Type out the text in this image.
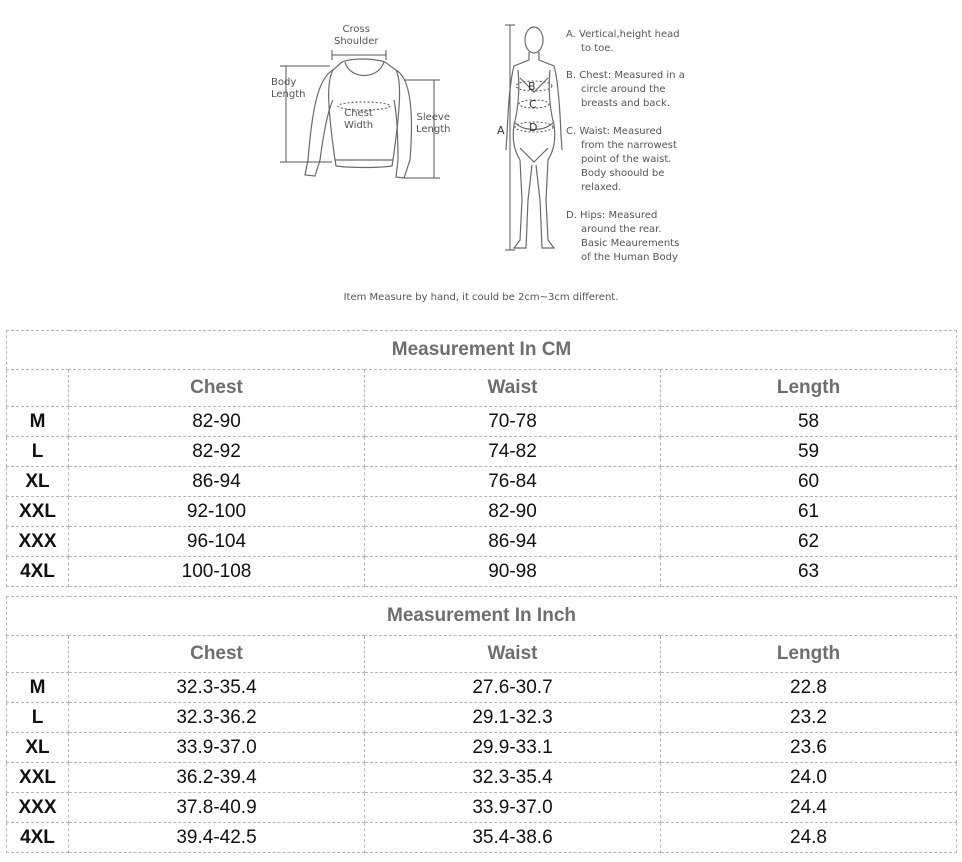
Cross
Shoulder
Body
Length
Chest
Width
Sleeve
Length	A
B
C
D
A. Vertical,height head
to toe.
B. Chest: Measured in a
circle around the
breasts and back.
C. Waist: Measured
from the narrowest
point of the waist.
Body shoould be
relaxed.
D. Hips: Measured
around the rear.
Basic Meaurements
of the Human Body
Item Measure by hand, it could be 2cm~3cm different.
Measurement In CM			
	Chest	Waist	Length
M	82-90	70-78	58
L	82-92	74-82	59
XL	86-94	76-84	60
XXL	92-100	82-90	61
XXX	96-104	86-94	62
4XL	100-108	90-98	63
Measurement In Inch			
	Chest	Waist	Length
M	32.3-35.4	27.6-30.7	22.8
L	32.3-36.2	29.1-32.3	23.2
XL	33.9-37.0	29.9-33.1	23.6
XXL	36.2-39.4	32.3-35.4	24.0
XXX	37.8-40.9	33.9-37.0	24.4
4XL	39.4-42.5	35.4-38.6	24.8
